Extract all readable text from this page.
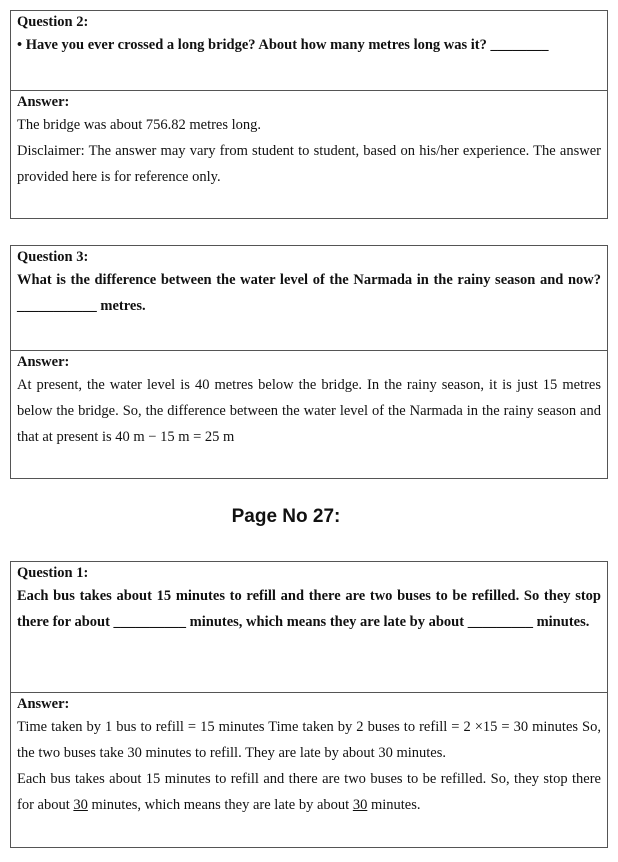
Question 2:
• Have you ever crossed a long bridge? About how many metres long was it? ________
Answer:

The bridge was about 756.82 metres long.

Disclaimer: The answer may vary from student to student, based on his/her experience. The answer provided here is for reference only.

Question 3:
What is the difference between the water level of the Narmada in the rainy season and now? ___________ metres.
Answer:

At present, the water level is 40 metres below the bridge. In the rainy season, it is just 15 metres below the bridge. So, the difference between the water level of the Narmada in the rainy season and that at present is 40 m − 15 m = 25 m

Page No 27:
Question 1:
Each bus takes about 15 minutes to refill and there are two buses to be refilled. So they stop there for about __________ minutes, which means they are late by about _________ minutes.
Answer:

Time taken by 1 bus to refill = 15 minutes Time taken by 2 buses to refill = 2 ×15 = 30 minutes So, the two buses take 30 minutes to refill. They are late by about 30 minutes.

Each bus takes about 15 minutes to refill and there are two buses to be refilled. So, they stop there for about 30 minutes, which means they are late by about 30 minutes.
